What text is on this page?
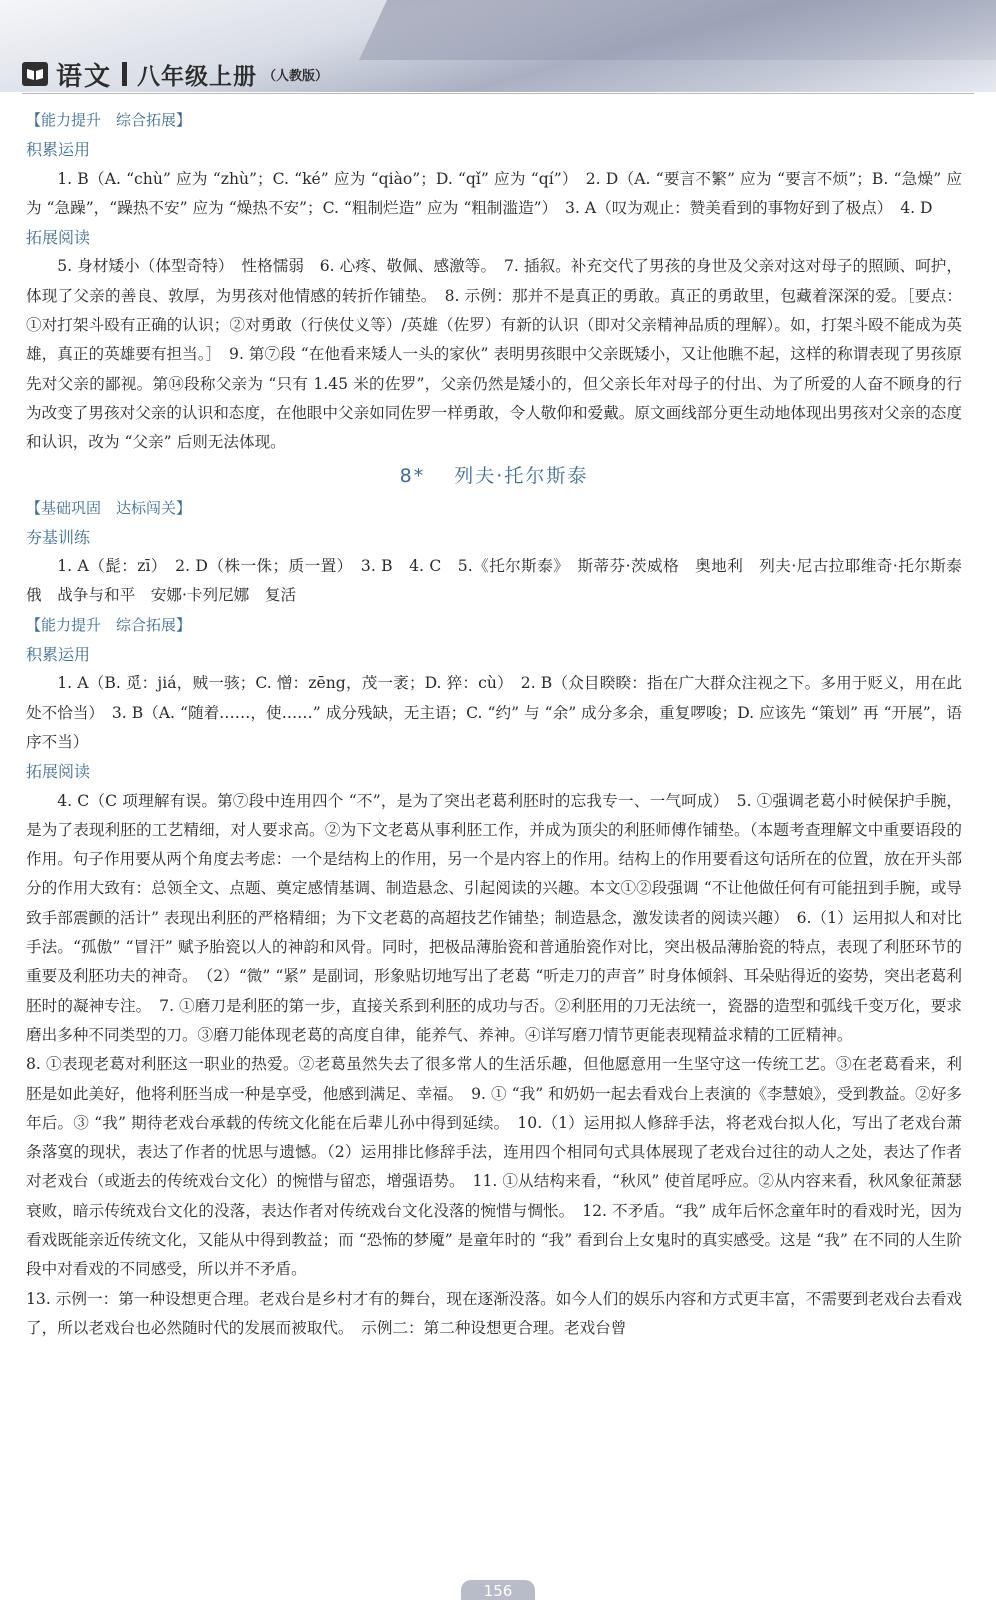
语文 八年级上册 （人教版）
【能力提升　综合拓展】
积累运用

1. B（A. “chù” 应为 “zhù”；C. “ké” 应为 “qiào”；D. “qǐ” 应为 “qí”）　2. D（A. “要言不繁” 应为 “要言不烦”；B. “急燥” 应为 “急躁”，“躁热不安” 应为 “燥热不安”；C. “粗制烂造” 应为 “粗制滥造”）　3. A（叹为观止：赞美看到的事物好到了极点）　4. D

拓展阅读

5. 身材矮小（体型奇特）　性格懦弱　6. 心疼、敬佩、感激等。　7. 插叙。补充交代了男孩的身世及父亲对这对母子的照顾、呵护，体现了父亲的善良、敦厚，为男孩对他情感的转折作铺垫。　8. 示例：那并不是真正的勇敢。真正的勇敢里，包藏着深深的爱。［要点：①对打架斗殴有正确的认识；②对勇敢（行侠仗义等）/英雄（佐罗）有新的认识（即对父亲精神品质的理解）。如，打架斗殴不能成为英雄，真正的英雄要有担当。］　9. 第⑦段 “在他看来矮人一头的家伙” 表明男孩眼中父亲既矮小，又让他瞧不起，这样的称谓表现了男孩原先对父亲的鄙视。第⑭段称父亲为 “只有 1.45 米的佐罗”，父亲仍然是矮小的，但父亲长年对母子的付出、为了所爱的人奋不顾身的行为改变了男孩对父亲的认识和态度，在他眼中父亲如同佐罗一样勇敢，令人敬仰和爱戴。原文画线部分更生动地体现出男孩对父亲的态度和认识，改为 “父亲” 后则无法体现。

8* 　列夫·托尔斯泰
【基础巩固　达标闯关】
夯基训练

1. A（髭：zī）　2. D（株一侏；质一置）　3. B　4. C　5.《托尔斯泰》　斯蒂芬·茨威格　奥地利　列夫·尼古拉耶维奇·托尔斯泰　俄　战争与和平　安娜·卡列尼娜　复活

【能力提升　综合拓展】
积累运用

1. A（B. 觅：jiá，贼一骇；C. 憎：zēng，茂一袤；D. 猝：cù）　2. B（众目睽睽：指在广大群众注视之下。多用于贬义，用在此处不恰当）　3. B（A. “随着……，使……” 成分残缺，无主语；C. “约” 与 “余” 成分多余，重复啰唆；D. 应该先 “策划” 再 “开展”，语序不当）

拓展阅读

4. C（C 项理解有误。第⑦段中连用四个 “不”，是为了突出老葛利胚时的忘我专一、一气呵成）　5. ①强调老葛小时候保护手腕，是为了表现利胚的工艺精细，对人要求高。②为下文老葛从事利胚工作，并成为顶尖的利胚师傅作铺垫。（本题考查理解文中重要语段的作用。句子作用要从两个角度去考虑：一个是结构上的作用，另一个是内容上的作用。结构上的作用要看这句话所在的位置，放在开头部分的作用大致有：总领全文、点题、奠定感情基调、制造悬念、引起阅读的兴趣。本文①②段强调 “不让他做任何有可能扭到手腕，或导致手部震颤的活计” 表现出利胚的严格精细；为下文老葛的高超技艺作铺垫；制造悬念，激发读者的阅读兴趣）　6.（1）运用拟人和对比手法。“孤傲” “冒汗” 赋予胎瓷以人的神韵和风骨。同时，把极品薄胎瓷和普通胎瓷作对比，突出极品薄胎瓷的特点，表现了利胚环节的重要及利胚功夫的神奇。　（2）“微” “紧” 是副词，形象贴切地写出了老葛 “听走刀的声音” 时身体倾斜、耳朵贴得近的姿势，突出老葛利胚时的凝神专注。　7. ①磨刀是利胚的第一步，直接关系到利胚的成功与否。②利胚用的刀无法统一，瓷器的造型和弧线千变万化，要求磨出多种不同类型的刀。③磨刀能体现老葛的高度自律，能养气、养神。④详写磨刀情节更能表现精益求精的工匠精神。

8. ①表现老葛对利胚这一职业的热爱。②老葛虽然失去了很多常人的生活乐趣，但他愿意用一生坚守这一传统工艺。③在老葛看来，利胚是如此美好，他将利胚当成一种是享受，他感到满足、幸福。　9. ① “我” 和奶奶一起去看戏台上表演的《李慧娘》，受到教益。②好多年后。③ “我” 期待老戏台承载的传统文化能在后辈儿孙中得到延续。　10.（1）运用拟人修辞手法，将老戏台拟人化，写出了老戏台萧条落寞的现状，表达了作者的忧思与遗憾。（2）运用排比修辞手法，连用四个相同句式具体展现了老戏台过往的动人之处，表达了作者对老戏台（或逝去的传统戏台文化）的惋惜与留恋，增强语势。　11. ①从结构来看，“秋风” 使首尾呼应。②从内容来看，秋风象征萧瑟衰败，暗示传统戏台文化的没落，表达作者对传统戏台文化没落的惋惜与惆怅。　12. 不矛盾。“我” 成年后怀念童年时的看戏时光，因为看戏既能亲近传统文化，又能从中得到教益；而 “恐怖的梦魇” 是童年时的 “我” 看到台上女鬼时的真实感受。这是 “我” 在不同的人生阶段中对看戏的不同感受，所以并不矛盾。

13. 示例一：第一种设想更合理。老戏台是乡村才有的舞台，现在逐渐没落。如今人们的娱乐内容和方式更丰富，不需要到老戏台去看戏了，所以老戏台也必然随时代的发展而被取代。　示例二：第二种设想更合理。老戏台曾

156
